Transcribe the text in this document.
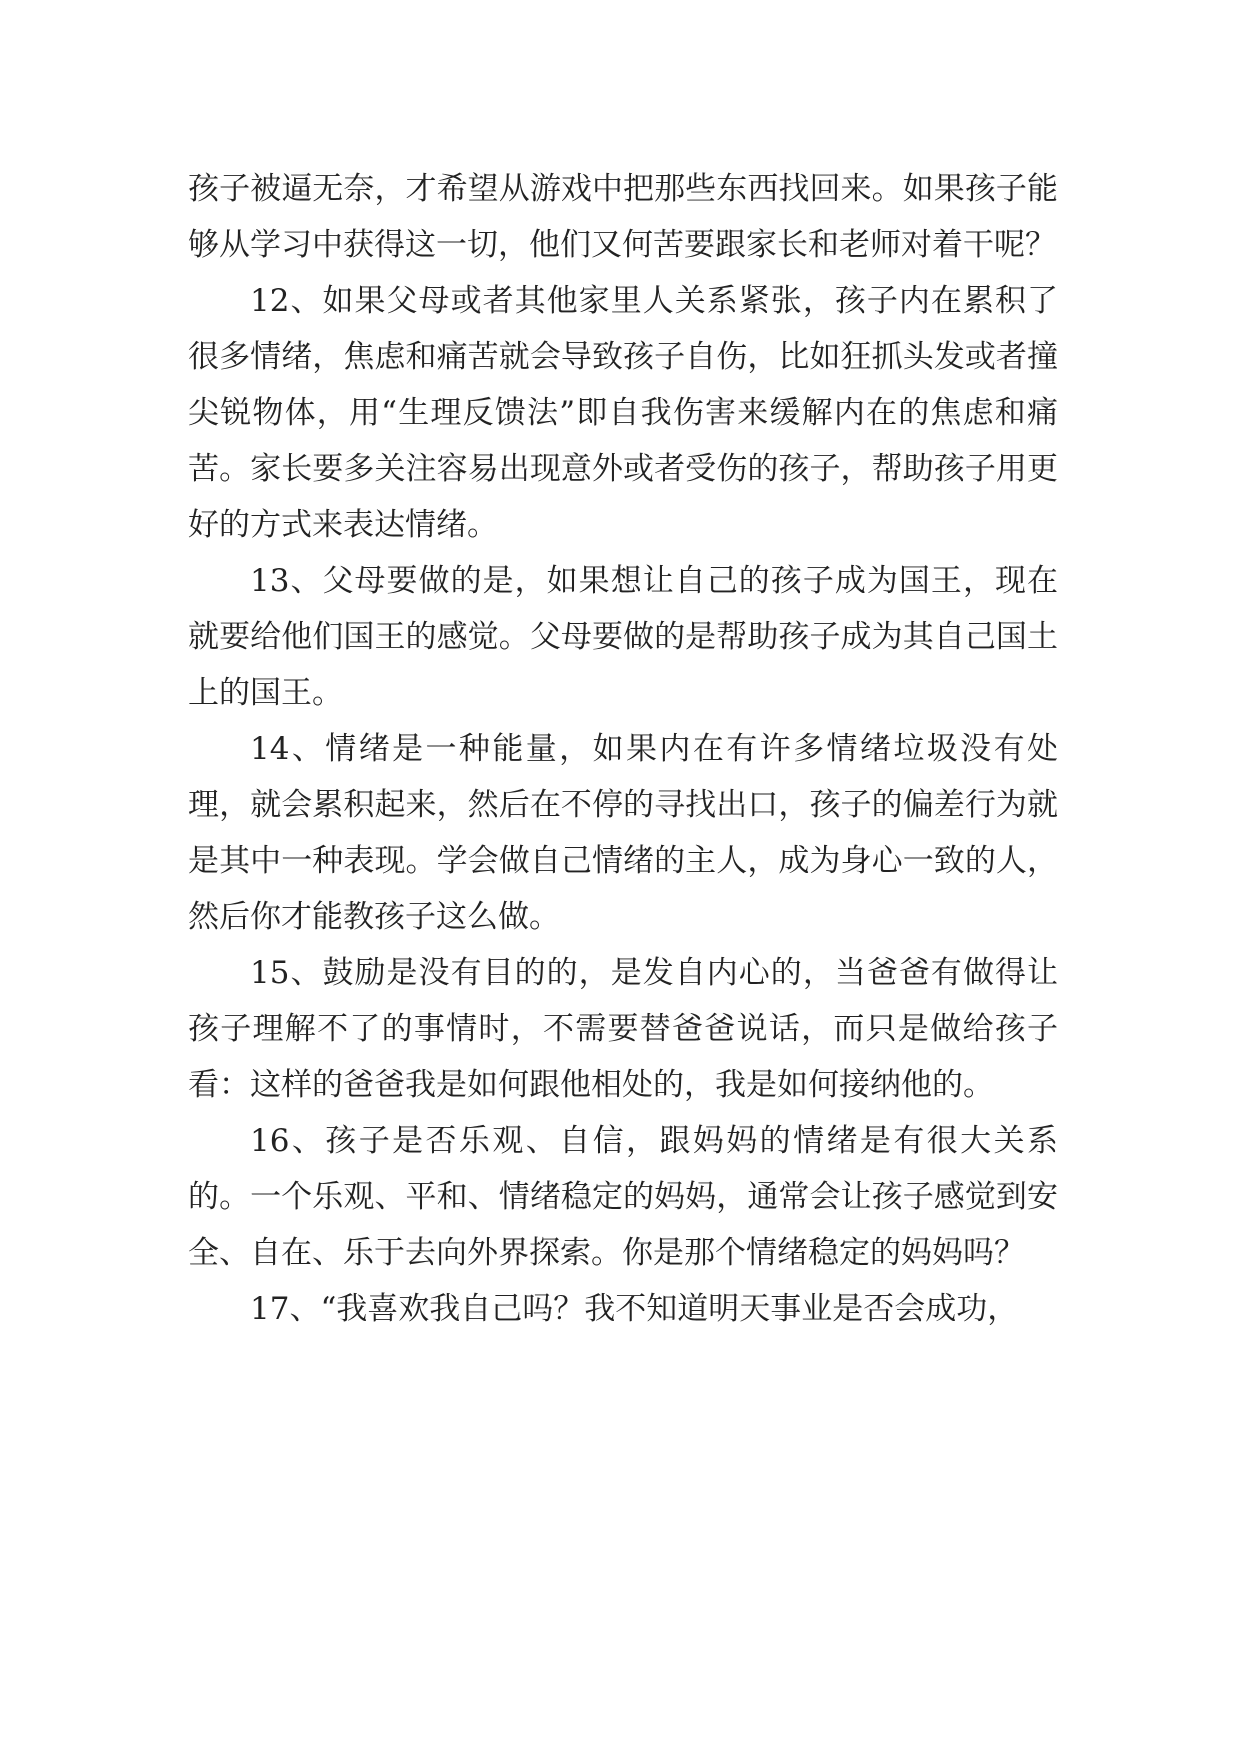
孩子被逼无奈，才希望从游戏中把那些东西找回来。如果孩子能够从学习中获得这一切，他们又何苦要跟家长和老师对着干呢？

12、如果父母或者其他家里人关系紧张，孩子内在累积了很多情绪，焦虑和痛苦就会导致孩子自伤，比如狂抓头发或者撞尖锐物体，用“生理反馈法”即自我伤害来缓解内在的焦虑和痛苦。家长要多关注容易出现意外或者受伤的孩子，帮助孩子用更好的方式来表达情绪。

13、父母要做的是，如果想让自己的孩子成为国王，现在就要给他们国王的感觉。父母要做的是帮助孩子成为其自己国土上的国王。

14、情绪是一种能量，如果内在有许多情绪垃圾没有处理，就会累积起来，然后在不停的寻找出口，孩子的偏差行为就是其中一种表现。学会做自己情绪的主人，成为身心一致的人，然后你才能教孩子这么做。

15、鼓励是没有目的的，是发自内心的，当爸爸有做得让孩子理解不了的事情时，不需要替爸爸说话，而只是做给孩子看：这样的爸爸我是如何跟他相处的，我是如何接纳他的。

16、孩子是否乐观、自信，跟妈妈的情绪是有很大关系的。一个乐观、平和、情绪稳定的妈妈，通常会让孩子感觉到安全、自在、乐于去向外界探索。你是那个情绪稳定的妈妈吗？

17、“我喜欢我自己吗？我不知道明天事业是否会成功，
